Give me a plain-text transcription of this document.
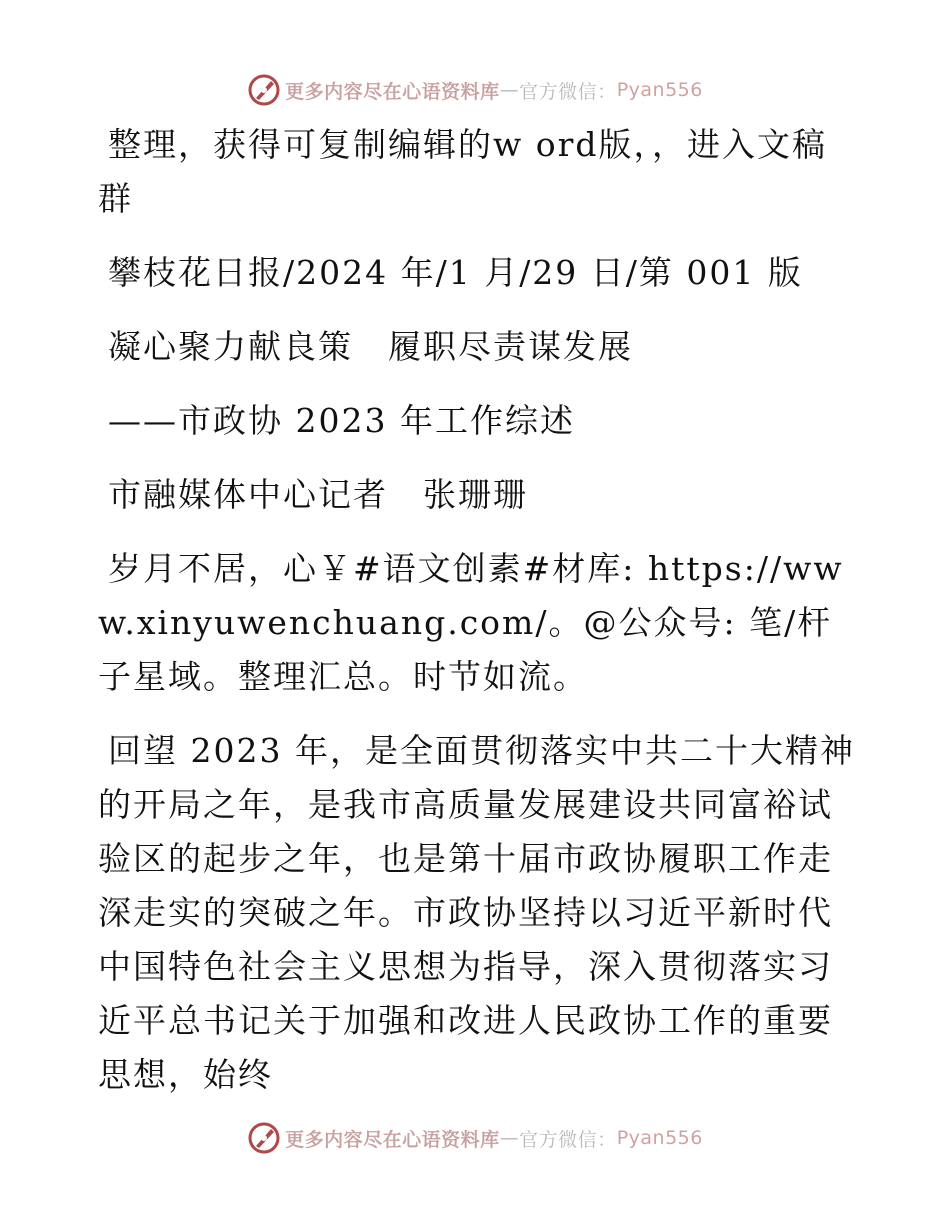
更多内容尽在心语资料库 — 官方微信： Pyan556

整理，获得可复制编辑的w ord版，，进入文稿群

攀枝花日报/2024 年/1 月/29 日/第 001 版

凝心聚力献良策　履职尽责谋发展

——市政协 2023 年工作综述

市融媒体中心记者　张珊珊

岁月不居，心￥#语文创素#材库: https://www.xinyuwenchuang.com/。@公众号: 笔/杆子星域。整理汇总。时节如流。

回望 2023 年，是全面贯彻落实中共二十大精神的开局之年，是我市高质量发展建设共同富裕试验区的起步之年，也是第十届市政协履职工作走深走实的突破之年。市政协坚持以习近平新时代中国特色社会主义思想为指导，深入贯彻落实习近平总书记关于加强和改进人民政协工作的重要思想，始终

更多内容尽在心语资料库 — 官方微信： Pyan556
